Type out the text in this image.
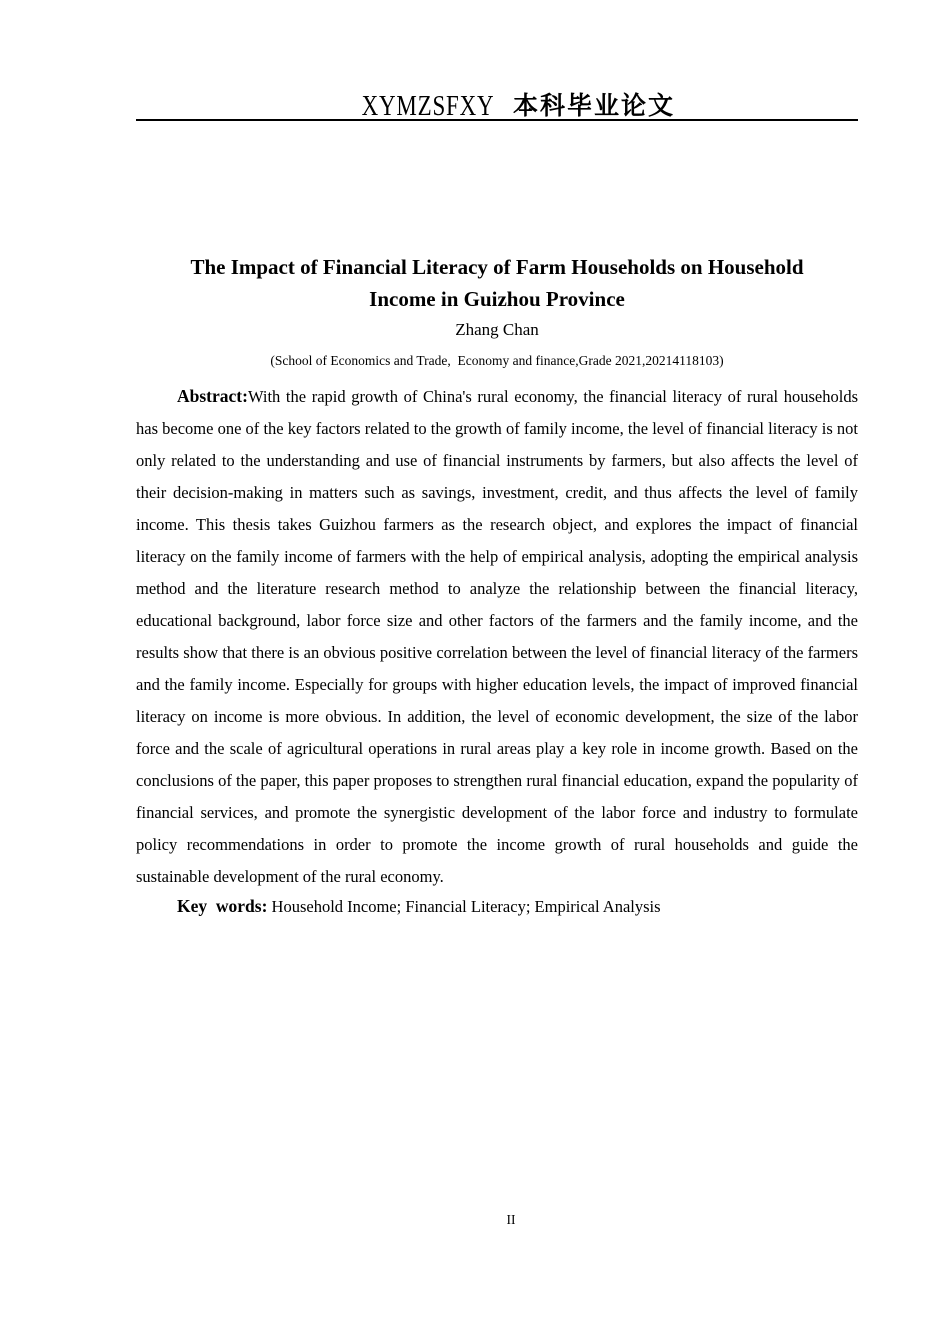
XYMZSFXY 本科毕业论文
The Impact of Financial Literacy of Farm Households on Household
Income in Guizhou Province
Zhang Chan
(School of Economics and Trade,  Economy and finance,Grade 2021,20214118103)

Abstract:With the rapid growth of China's rural economy, the financial literacy of rural households has become one of the key factors related to the growth of family income, the level of financial literacy is not only related to the understanding and use of financial instruments by farmers, but also affects the level of their decision-making in matters such as savings, investment, credit, and thus affects the level of family income. This thesis takes Guizhou farmers as the research object, and explores the impact of financial literacy on the family income of farmers with the help of empirical analysis, adopting the empirical analysis method and the literature research method to analyze the relationship between the financial literacy, educational background, labor force size and other factors of the farmers and the family income, and the results show that there is an obvious positive correlation between the level of financial literacy of the farmers and the family income. Especially for groups with higher education levels, the impact of improved financial literacy on income is more obvious. In addition, the level of economic development, the size of the labor force and the scale of agricultural operations in rural areas play a key role in income growth. Based on the conclusions of the paper, this paper proposes to strengthen rural financial education, expand the popularity of financial services, and promote the synergistic development of the labor force and industry to formulate policy recommendations in order to promote the income growth of rural households and guide the sustainable development of the rural economy.

Key  words: Household Income; Financial Literacy; Empirical Analysis

II
